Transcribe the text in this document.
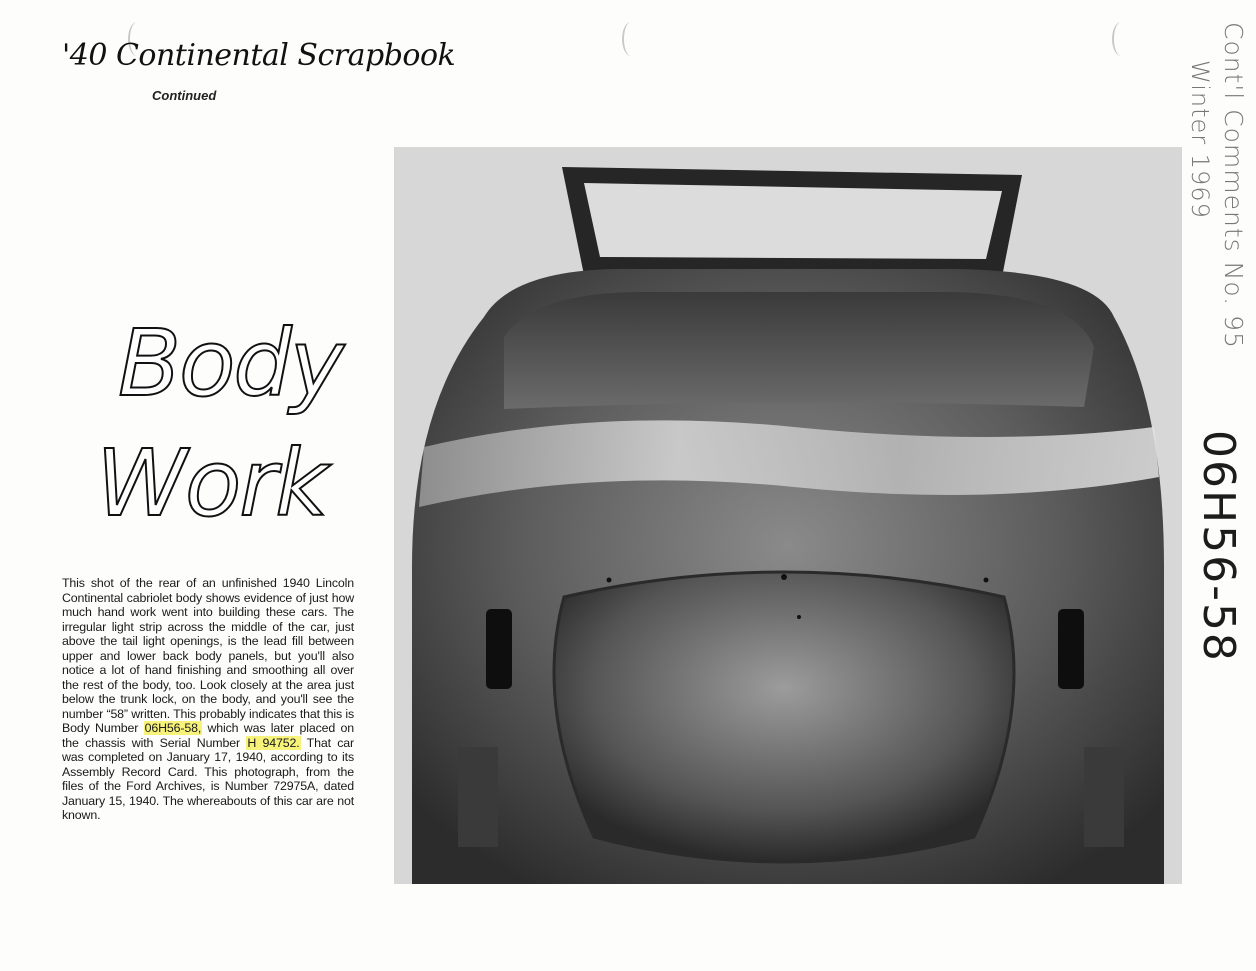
'40 Continental Scrapbook
Continued
Body
Work
This shot of the rear of an unfinished 1940 Lincoln Continental cabriolet body shows evidence of just how much hand work went into building these cars. The irregular light strip across the middle of the car, just above the tail light openings, is the lead fill between upper and lower back body panels, but you'll also notice a lot of hand finishing and smoothing all over the rest of the body, too. Look closely at the area just below the trunk lock, on the body, and you'll see the number “58” written. This probably indicates that this is Body Number 06H56-58, which was later placed on the chassis with Serial Number H 94752. That car was completed on January 17, 1940, according to its Assembly Record Card. This photograph, from the files of the Ford Archives, is Number 72975A, dated January 15, 1940. The whereabouts of this car are not known.
Cont'l Comments No. 95
Winter 1969
06H56-58
